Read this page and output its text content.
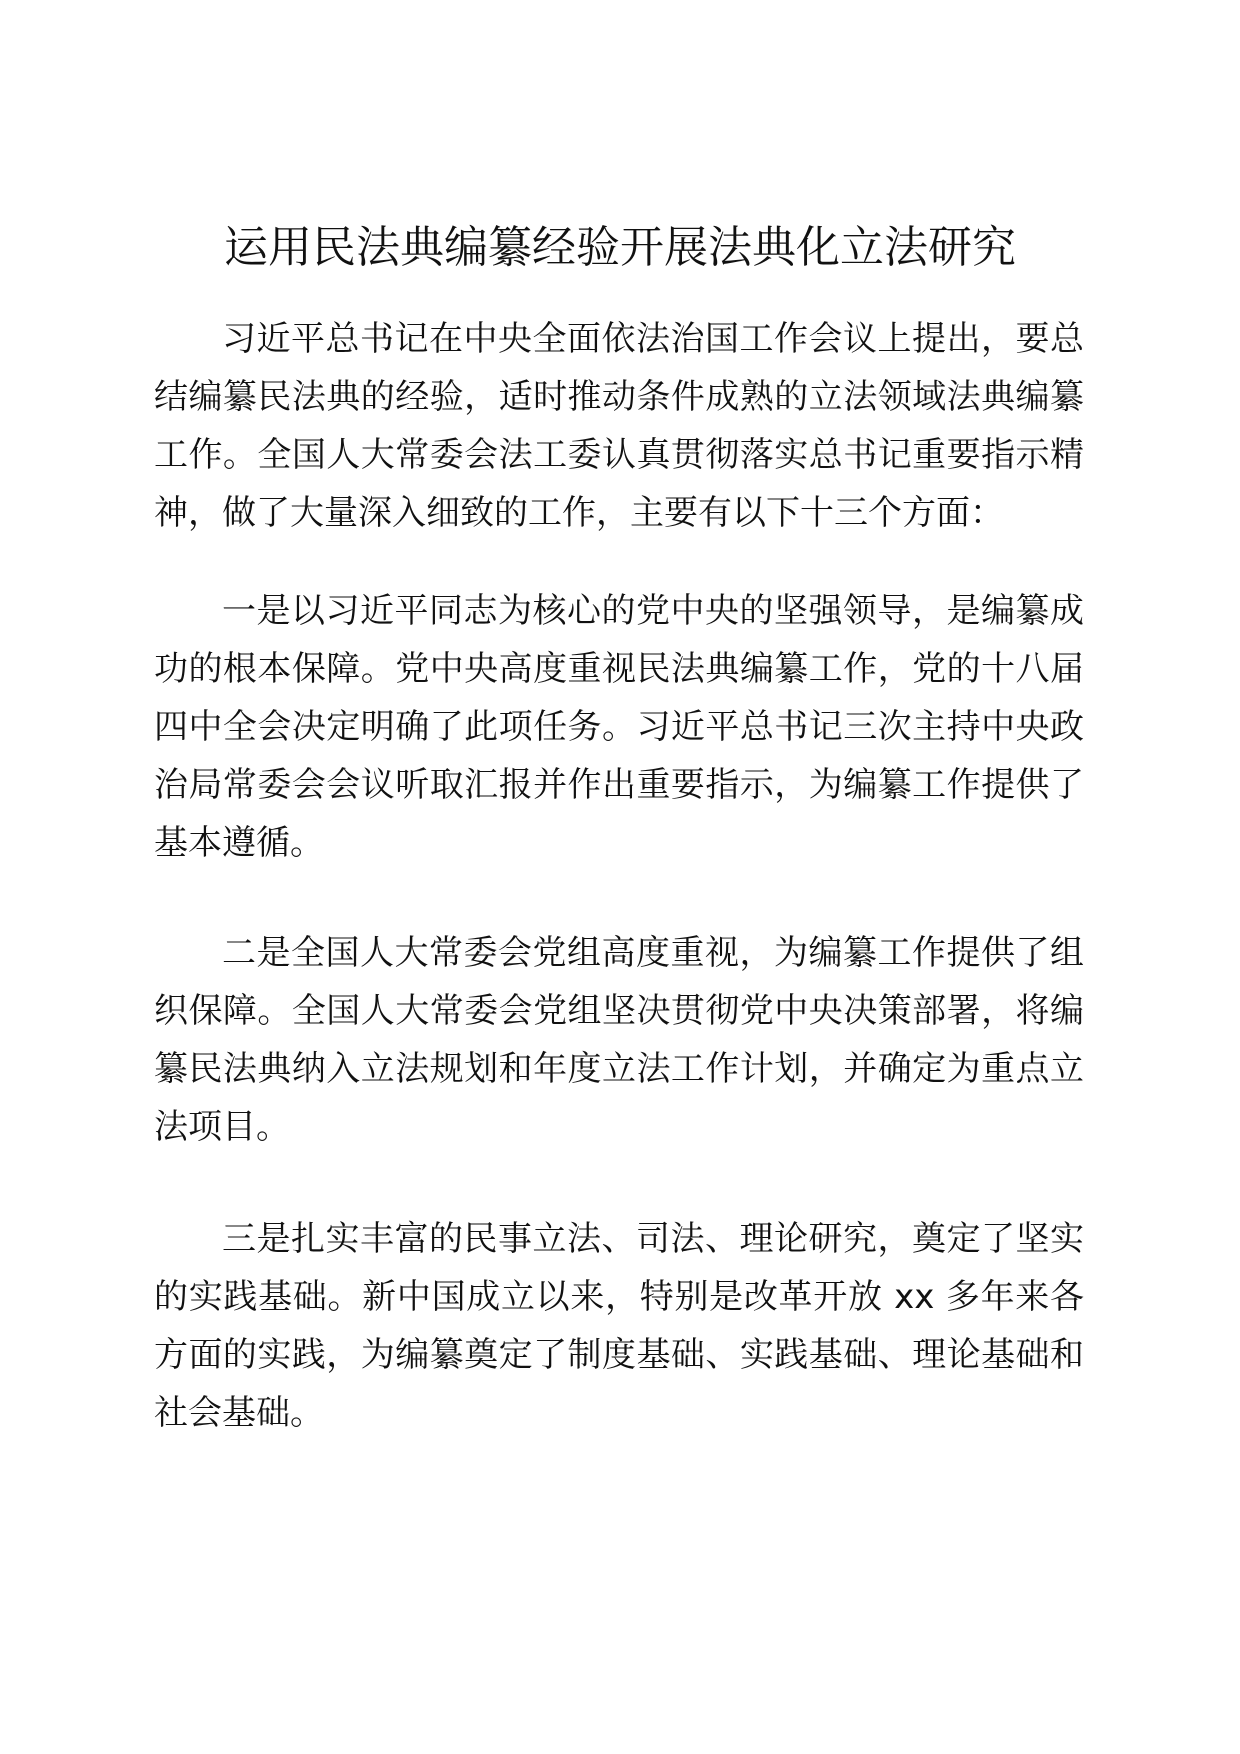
运用民法典编纂经验开展法典化立法研究

习近平总书记在中央全面依法治国工作会议上提出，要总结编纂民法典的经验，适时推动条件成熟的立法领域法典编纂工作。全国人大常委会法工委认真贯彻落实总书记重要指示精神，做了大量深入细致的工作，主要有以下十三个方面：

一是以习近平同志为核心的党中央的坚强领导，是编纂成功的根本保障。党中央高度重视民法典编纂工作，党的十八届四中全会决定明确了此项任务。习近平总书记三次主持中央政治局常委会会议听取汇报并作出重要指示，为编纂工作提供了基本遵循。

二是全国人大常委会党组高度重视，为编纂工作提供了组织保障。全国人大常委会党组坚决贯彻党中央决策部署，将编纂民法典纳入立法规划和年度立法工作计划，并确定为重点立法项目。

三是扎实丰富的民事立法、司法、理论研究，奠定了坚实的实践基础。新中国成立以来，特别是改革开放 xx 多年来各方面的实践，为编纂奠定了制度基础、实践基础、理论基础和社会基础。
